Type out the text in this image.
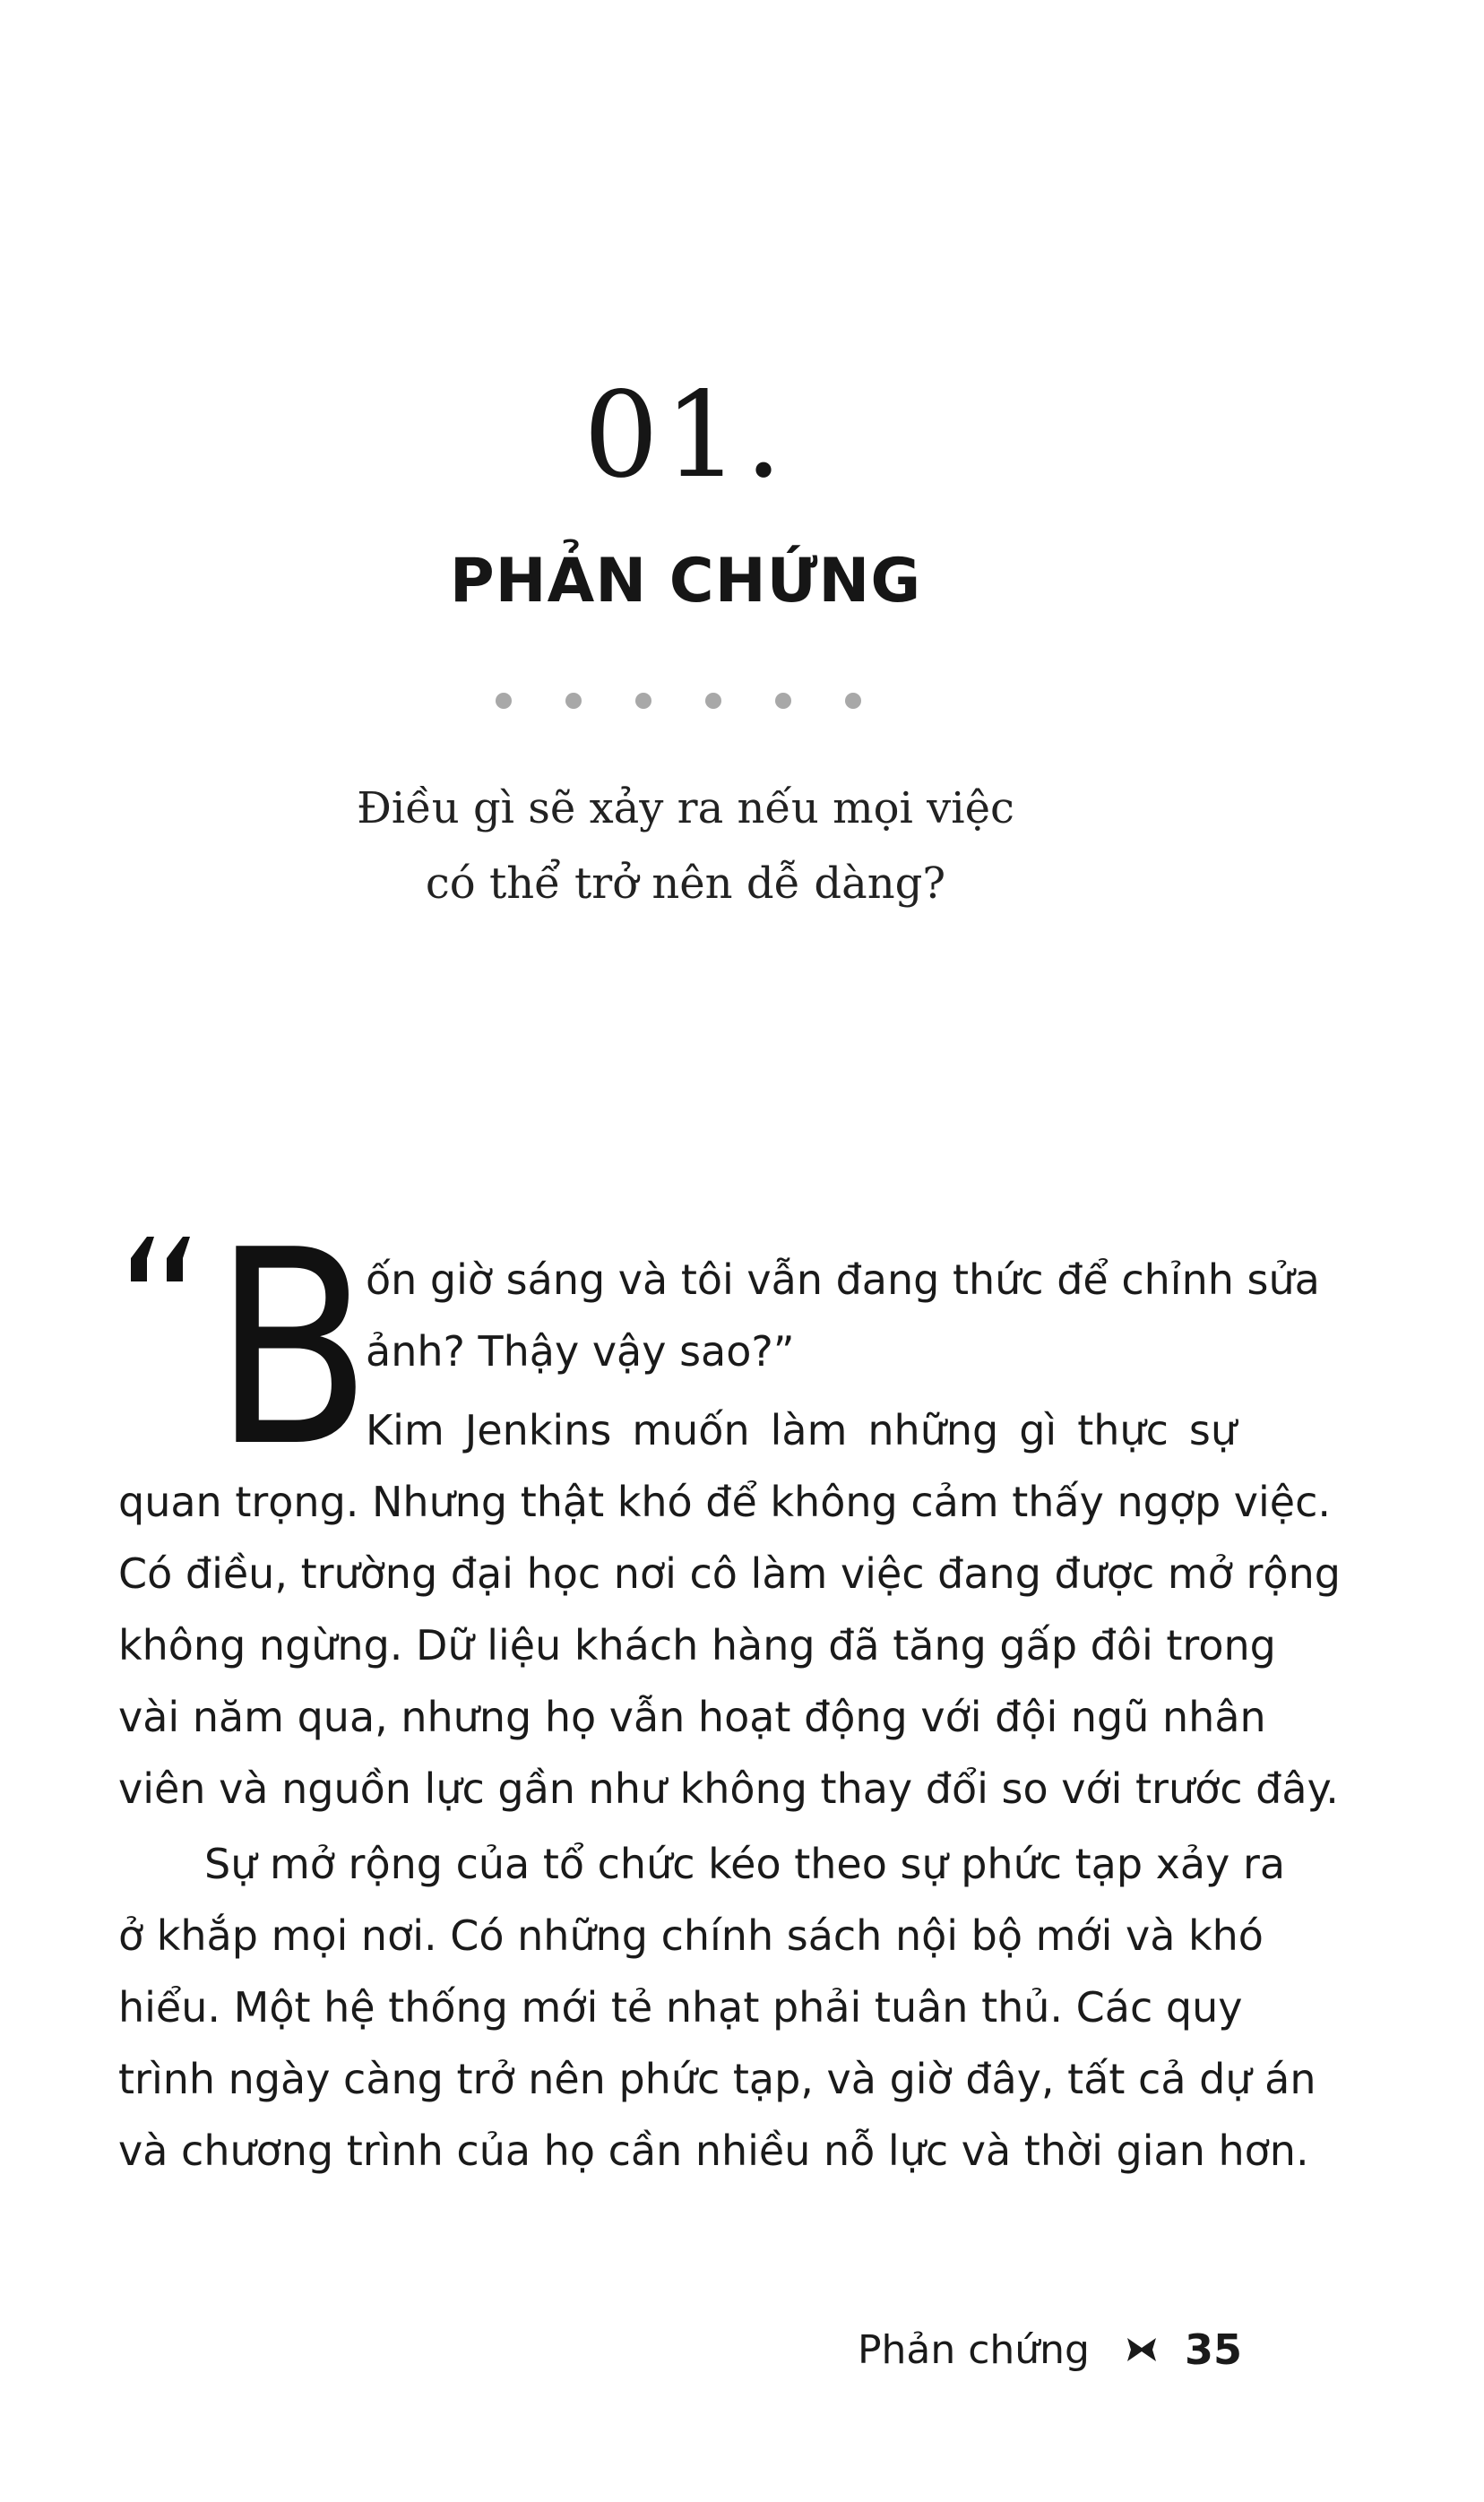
01.
PHẢN CHỨNG
Điều gì sẽ xảy ra nếu mọi việc
có thể trở nên dễ dàng?
B
ốn giờ sáng và tôi vẫn đang thức để chỉnh sửa
ảnh? Thậy vậy sao?”
Kim Jenkins muốn làm những gì thực sự
quan trọng. Nhưng thật khó để không cảm thấy ngợp việc.
Có điều, trường đại học nơi cô làm việc đang được mở rộng
không ngừng. Dữ liệu khách hàng đã tăng gấp đôi trong
vài năm qua, nhưng họ vẫn hoạt động với đội ngũ nhân
viên và nguồn lực gần như không thay đổi so với trước đây.
Sự mở rộng của tổ chức kéo theo sự phức tạp xảy ra
ở khắp mọi nơi. Có những chính sách nội bộ mới và khó
hiểu. Một hệ thống mới tẻ nhạt phải tuân thủ. Các quy
trình ngày càng trở nên phức tạp, và giờ đây, tất cả dự án
và chương trình của họ cần nhiều nỗ lực và thời gian hơn.
Phản chứng 35
